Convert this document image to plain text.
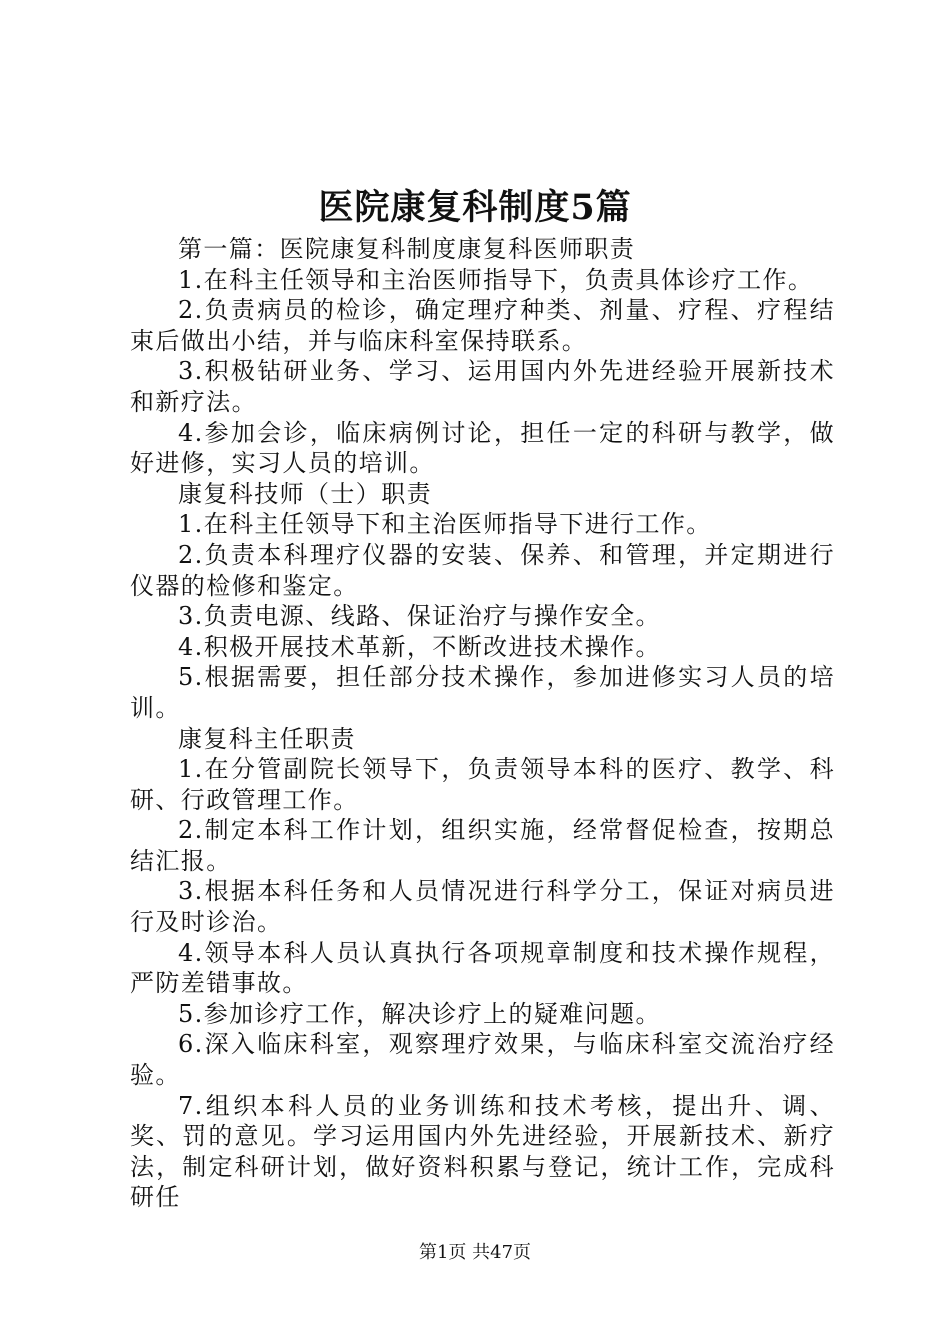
医院康复科制度5篇

第一篇：医院康复科制度康复科医师职责

1.在科主任领导和主治医师指导下，负责具体诊疗工作。

2.负责病员的检诊，确定理疗种类、剂量、疗程、疗程结束后做出小结，并与临床科室保持联系。

3.积极钻研业务、学习、运用国内外先进经验开展新技术和新疗法。

4.参加会诊，临床病例讨论，担任一定的科研与教学，做好进修，实习人员的培训。

康复科技师（士）职责

1.在科主任领导下和主治医师指导下进行工作。

2.负责本科理疗仪器的安装、保养、和管理，并定期进行仪器的检修和鉴定。

3.负责电源、线路、保证治疗与操作安全。

4.积极开展技术革新，不断改进技术操作。

5.根据需要，担任部分技术操作，参加进修实习人员的培训。

康复科主任职责

1.在分管副院长领导下，负责领导本科的医疗、教学、科研、行政管理工作。

2.制定本科工作计划，组织实施，经常督促检查，按期总结汇报。

3.根据本科任务和人员情况进行科学分工，保证对病员进行及时诊治。

4.领导本科人员认真执行各项规章制度和技术操作规程，严防差错事故。

5.参加诊疗工作，解决诊疗上的疑难问题。

6.深入临床科室，观察理疗效果，与临床科室交流治疗经验。

7.组织本科人员的业务训练和技术考核，提出升、调、奖、罚的意见。学习运用国内外先进经验，开展新技术、新疗法，制定科研计划，做好资料积累与登记，统计工作，完成科研任

第1页 共47页
